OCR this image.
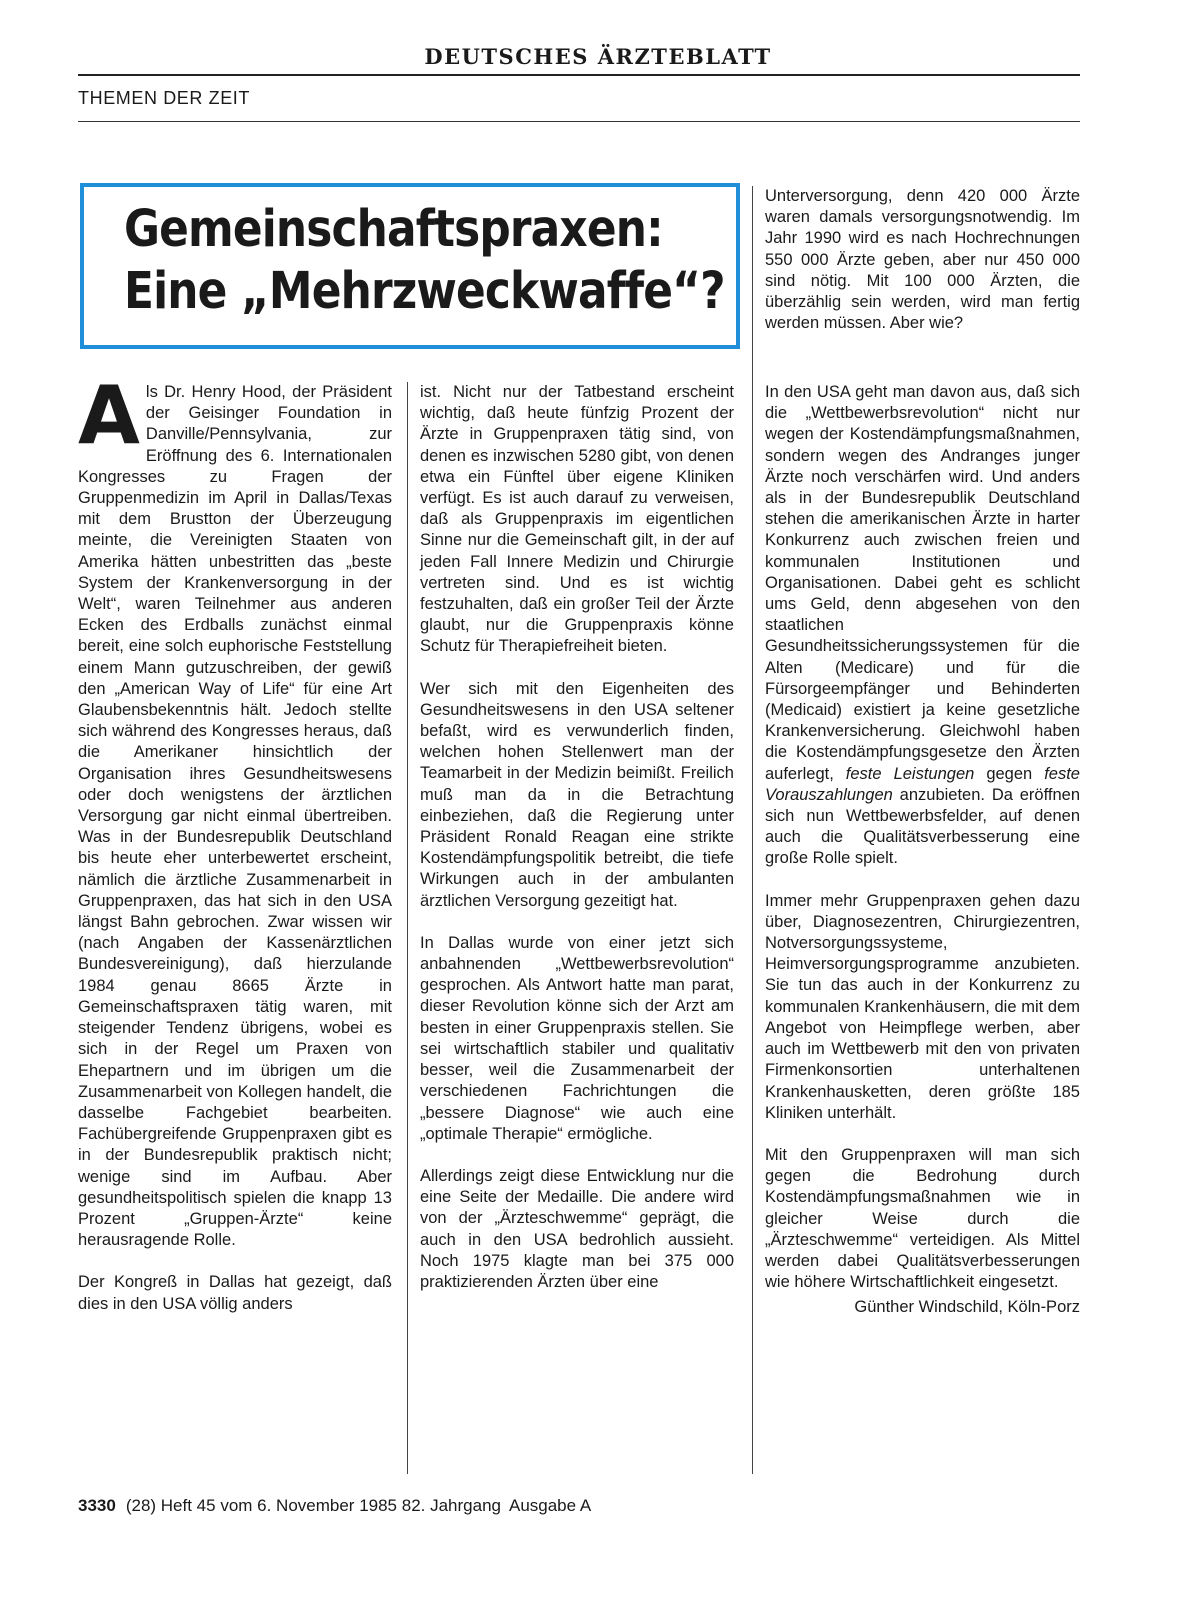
DEUTSCHES ÄRZTEBLATT
THEMEN DER ZEIT
Gemeinschaftspraxen:
Eine „Mehrzweckwaffe“?

Als Dr. Henry Hood, der Präsident der Geisinger Foundation in Danville/Pennsylvania, zur Eröffnung des 6. Internationalen Kongresses zu Fragen der Gruppenmedizin im April in Dallas/Texas mit dem Brustton der Überzeugung meinte, die Vereinigten Staaten von Amerika hätten unbestritten das „beste System der Krankenversorgung in der Welt“, waren Teilnehmer aus anderen Ecken des Erdballs zunächst einmal bereit, eine solch euphorische Feststellung einem Mann gutzuschreiben, der gewiß den „American Way of Life“ für eine Art Glaubensbekenntnis hält. Jedoch stellte sich während des Kongresses heraus, daß die Amerikaner hinsichtlich der Organisation ihres Gesundheitswesens oder doch wenigstens der ärztlichen Versorgung gar nicht einmal übertreiben. Was in der Bundesrepublik Deutschland bis heute eher unterbewertet erscheint, nämlich die ärztliche Zusammenarbeit in Gruppenpraxen, das hat sich in den USA längst Bahn gebrochen. Zwar wissen wir (nach Angaben der Kassenärztlichen Bundesvereinigung), daß hierzulande 1984 genau 8665 Ärzte in Gemeinschaftspraxen tätig waren, mit steigender Tendenz übrigens, wobei es sich in der Regel um Praxen von Ehepartnern und im übrigen um die Zusammenarbeit von Kollegen handelt, die dasselbe Fachgebiet bearbeiten. Fachübergreifende Gruppenpraxen gibt es in der Bundesrepublik praktisch nicht; wenige sind im Aufbau. Aber gesundheitspolitisch spielen die knapp 13 Prozent „Gruppen-Ärzte“ keine herausragende Rolle.

Der Kongreß in Dallas hat gezeigt, daß dies in den USA völlig anders

ist. Nicht nur der Tatbestand erscheint wichtig, daß heute fünfzig Prozent der Ärzte in Gruppenpraxen tätig sind, von denen es inzwischen 5280 gibt, von denen etwa ein Fünftel über eigene Kliniken verfügt. Es ist auch darauf zu verweisen, daß als Gruppenpraxis im eigentlichen Sinne nur die Gemeinschaft gilt, in der auf jeden Fall Innere Medizin und Chirurgie vertreten sind. Und es ist wichtig festzuhalten, daß ein großer Teil der Ärzte glaubt, nur die Gruppenpraxis könne Schutz für Therapiefreiheit bieten.

Wer sich mit den Eigenheiten des Gesundheitswesens in den USA seltener befaßt, wird es verwunderlich finden, welchen hohen Stellenwert man der Teamarbeit in der Medizin beimißt. Freilich muß man da in die Betrachtung einbeziehen, daß die Regierung unter Präsident Ronald Reagan eine strikte Kostendämpfungspolitik betreibt, die tiefe Wirkungen auch in der ambulanten ärztlichen Versorgung gezeitigt hat.

In Dallas wurde von einer jetzt sich anbahnenden „Wettbewerbsrevolution“ gesprochen. Als Antwort hatte man parat, dieser Revolution könne sich der Arzt am besten in einer Gruppenpraxis stellen. Sie sei wirtschaftlich stabiler und qualitativ besser, weil die Zusammenarbeit der verschiedenen Fachrichtungen die „bessere Diagnose“ wie auch eine „optimale Therapie“ ermögliche.

Allerdings zeigt diese Entwicklung nur die eine Seite der Medaille. Die andere wird von der „Ärzteschwemme“ geprägt, die auch in den USA bedrohlich aussieht. Noch 1975 klagte man bei 375 000 praktizierenden Ärzten über eine

Unterversorgung, denn 420 000 Ärzte waren damals versorgungsnotwendig. Im Jahr 1990 wird es nach Hochrechnungen 550 000 Ärzte geben, aber nur 450 000 sind nötig. Mit 100 000 Ärzten, die überzählig sein werden, wird man fertig werden müssen. Aber wie?

In den USA geht man davon aus, daß sich die „Wettbewerbsrevolution“ nicht nur wegen der Kostendämpfungsmaßnahmen, sondern wegen des Andranges junger Ärzte noch verschärfen wird. Und anders als in der Bundesrepublik Deutschland stehen die amerikanischen Ärzte in harter Konkurrenz auch zwischen freien und kommunalen Institutionen und Organisationen. Dabei geht es schlicht ums Geld, denn abgesehen von den staatlichen Gesundheitssicherungssystemen für die Alten (Medicare) und für die Fürsorgeempfänger und Behinderten (Medicaid) existiert ja keine gesetzliche Krankenversicherung. Gleichwohl haben die Kostendämpfungsgesetze den Ärzten auferlegt, feste Leistungen gegen feste Vorauszahlungen anzubieten. Da eröffnen sich nun Wettbewerbsfelder, auf denen auch die Qualitätsverbesserung eine große Rolle spielt.

Immer mehr Gruppenpraxen gehen dazu über, Diagnosezentren, Chirurgiezentren, Notversorgungssysteme, Heimversorgungsprogramme anzubieten. Sie tun das auch in der Konkurrenz zu kommunalen Krankenhäusern, die mit dem Angebot von Heimpflege werben, aber auch im Wettbewerb mit den von privaten Firmenkonsortien unterhaltenen Krankenhausketten, deren größte 185 Kliniken unterhält.

Mit den Gruppenpraxen will man sich gegen die Bedrohung durch Kostendämpfungsmaßnahmen wie in gleicher Weise durch die „Ärzteschwemme“ verteidigen. Als Mittel werden dabei Qualitätsverbesserungen wie höhere Wirtschaftlichkeit eingesetzt.

Günther Windschild, Köln-Porz
3330 (28) Heft 45 vom 6. November 1985 82. Jahrgang Ausgabe A
